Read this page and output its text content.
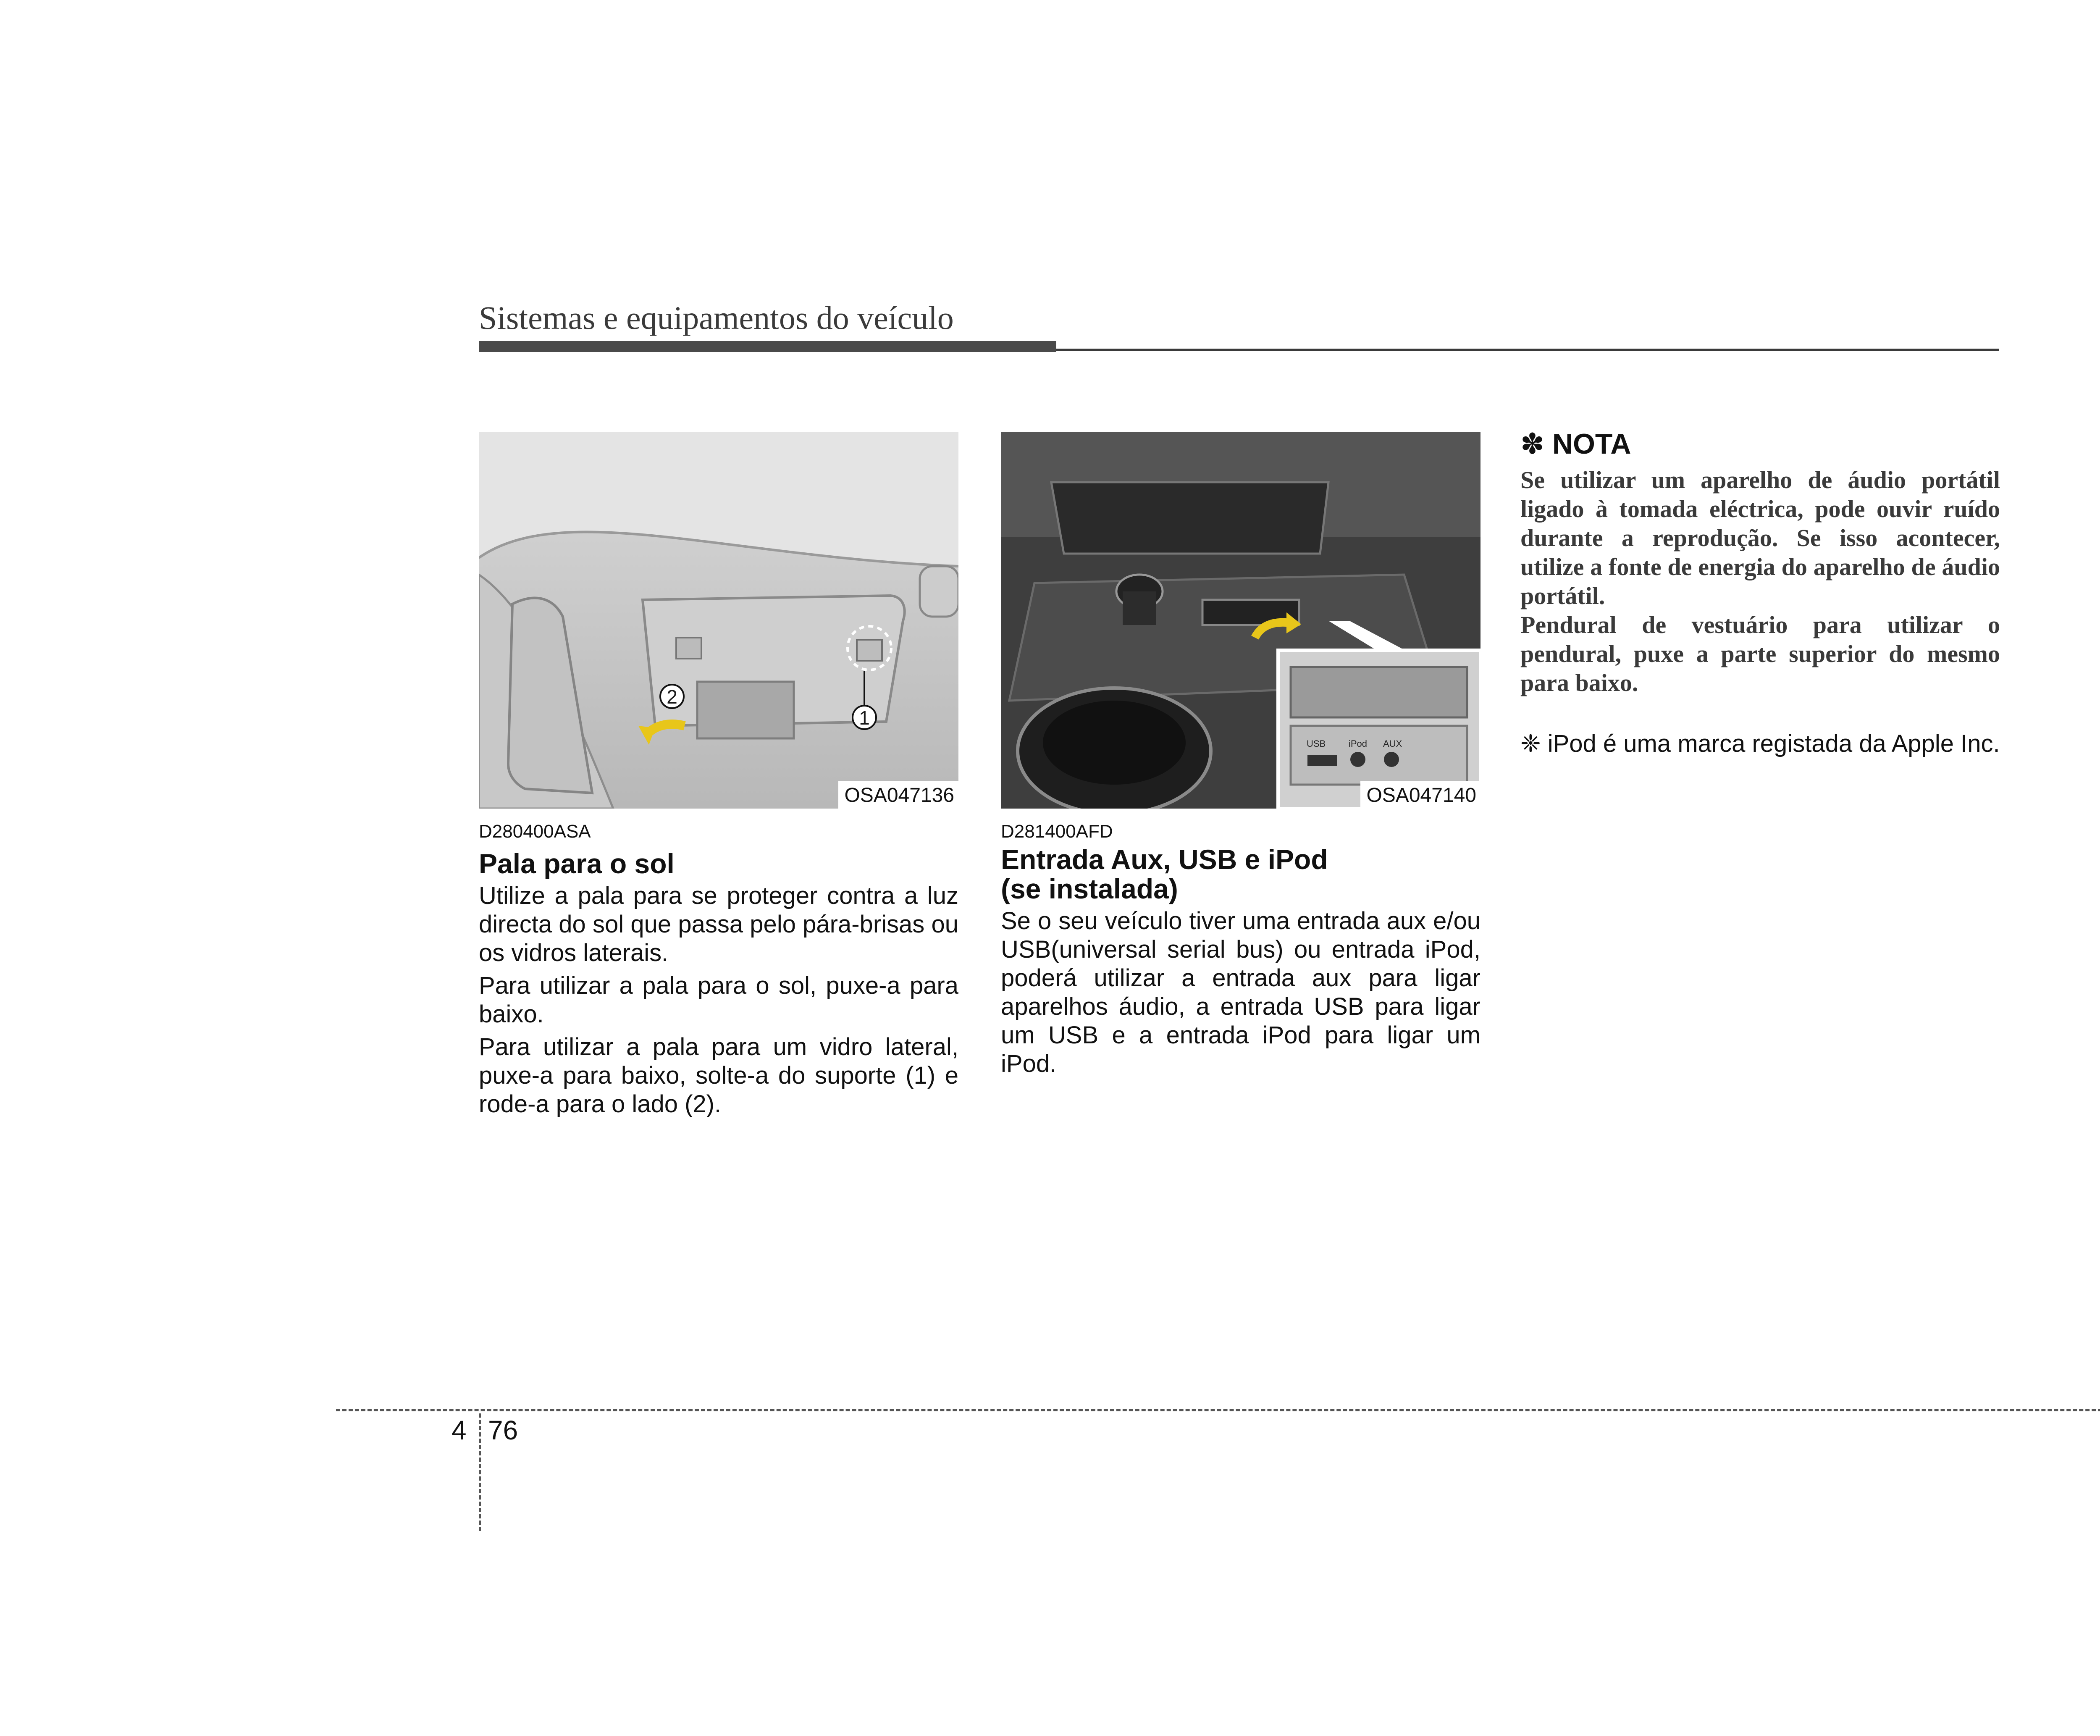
Sistemas e equipamentos do veículo
2
1
OSA047136
USB iPod AUX
OSA047140

D280400ASA

Pala para o sol

Utilize a pala para se proteger contra a luz directa do sol que passa pelo pára-brisas ou os vidros laterais.

Para utilizar a pala para o sol, puxe-a para baixo.

Para utilizar a pala para um vidro lateral, puxe-a para baixo, solte-a do suporte (1) e rode-a para o lado (2).

D281400AFD

Entrada Aux, USB e iPod

(se instalada)

Se o seu veículo tiver uma entrada aux e/ou USB(universal serial bus) ou entrada iPod, poderá utilizar a entrada aux para ligar aparelhos áudio, a entrada USB para ligar um USB e a entrada iPod para ligar um iPod.

✽ NOTA
Se utilizar um aparelho de áudio portátil ligado à tomada eléctrica, pode ouvir ruído durante a reprodução. Se isso acontecer, utilize a fonte de energia do aparelho de áudio portátil.
Pendural de vestuário para utilizar o pendural, puxe a parte superior do mesmo para baixo.
❈ iPod é uma marca registada da Apple Inc.
4 76
